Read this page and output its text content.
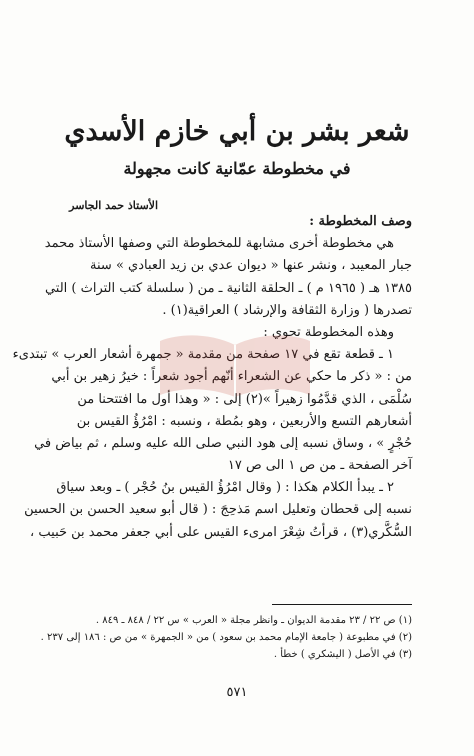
شعر بشر بن أبي خازم الأسدي
في مخطوطة عمّانية كانت مجهولة
الأستاذ حمد الجاسر
وصف المخطوطة :
هي مخطوطة أخرى مشابهة للمخطوطة التي وصفها الأستاذ محمد
جبار المعيبد ، ونشر عنها « ديوان عدي بن زيد العبادي » سنة
١٣٨٥ هـ ( ١٩٦٥ م ) ـ الحلقة الثانية ـ من ( سلسلة كتب التراث ) التي
تصدرها ( وزارة الثقافة والإرشاد ) العراقية(١) .
وهذه المخطوطة تحوي :
١ ـ قطعة تقع في ١٧ صفحة من مقدمة « جمهرة أشعار العرب » تبتدىء
من : « ذكر ما حكي عن الشعراء أنّهم أجود شعراً : خيرُ زهير بن أبي
سُلْمَى ، الذي قدَّمُوا زهيراً »(٢) إلى : « وهذا أول ما افتتحنا من
أشعارهم التسع والأربعين ، وهو بمُطة ، ونسبه : امْرُؤُ القيس بن
حُجْرٍ » ، وساق نسبه إلى هود النبي صلى الله عليه وسلم ، ثم بياض في
آخر الصفحة ـ من ص ١ الى ص ١٧
٢ ـ يبدأ الكلام هكذا : ( وقال امْرُؤُ القيس بنُ حُجْر ) ـ وبعد سياق
نسبه إلى قحطان وتعليل اسم مَذحِجَ : ( قال أبو سعيد الحسن بن الحسين
السُّكَّري(٣) ، قرأتُ شِعْرَ امرىء القيس على أبي جعفر محمد بن حَبيب ،
(١) ص ٢٢ / ٢٣ مقدمة الديوان ـ وانظر مجلة « العرب » س ٢٢ / ٨٤٨ ـ ٨٤٩ .
(٢) في مطبوعة ( جامعة الإمام محمد بن سعود ) من « الجمهرة » من ص : ١٨٦ إلى ٢٣٧ .
(٣) في الأصل ( اليشكري ) خطأ .
٥٧١
